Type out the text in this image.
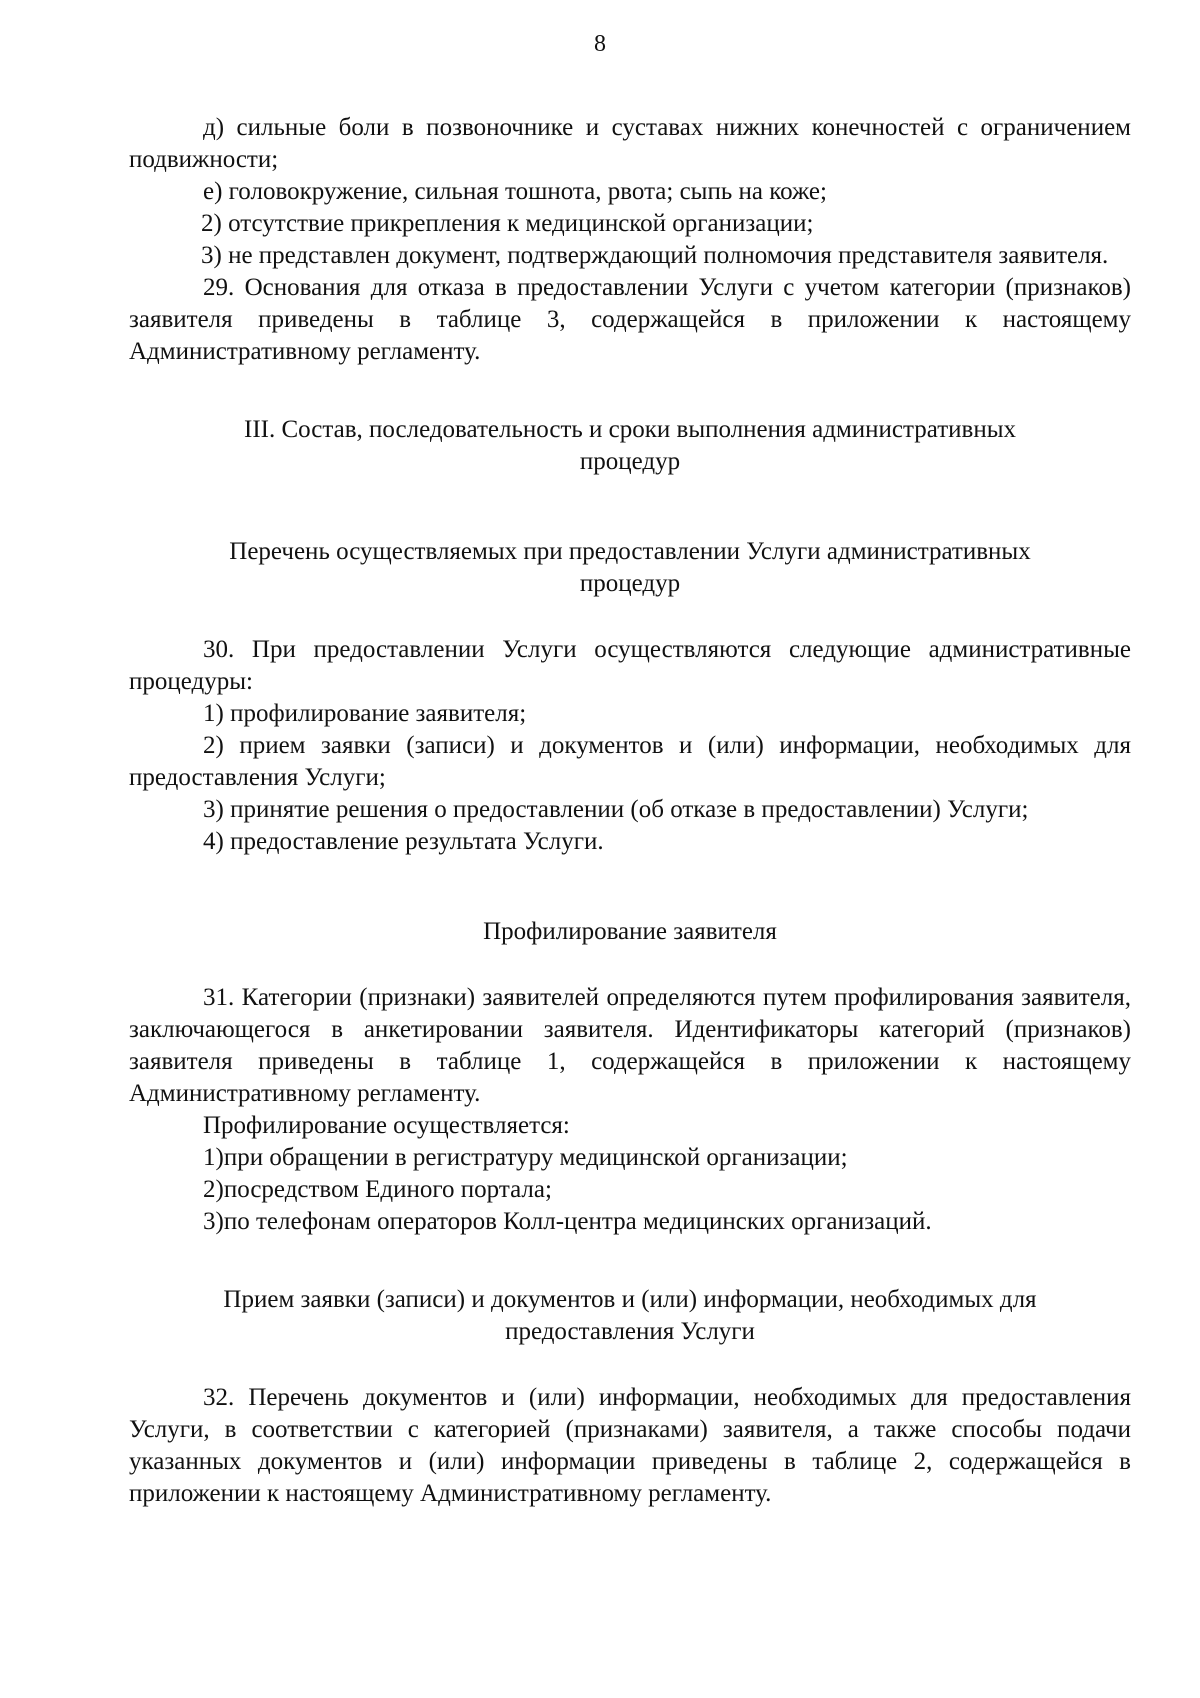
8

д) сильные боли в позвоночнике и суставах нижних конечностей с ограничением подвижности;

е) головокружение, сильная тошнота, рвота; сыпь на коже;

2) отсутствие прикрепления к медицинской организации;

3) не представлен документ, подтверждающий полномочия представителя заявителя.

29. Основания для отказа в предоставлении Услуги с учетом категории (признаков) заявителя приведены в таблице 3, содержащейся в приложении к настоящему Административному регламенту.

III. Состав, последовательность и сроки выполнения административных

процедур

Перечень осуществляемых при предоставлении Услуги административных

процедур

30. При предоставлении Услуги осуществляются следующие административные процедуры:

1) профилирование заявителя;

2) прием заявки (записи) и документов и (или) информации, необходимых для предоставления Услуги;

3) принятие решения о предоставлении (об отказе в предоставлении) Услуги;

4) предоставление результата Услуги.

Профилирование заявителя

31. Категории (признаки) заявителей определяются путем профилирования заявителя, заключающегося в анкетировании заявителя. Идентификаторы категорий (признаков) заявителя приведены в таблице 1, содержащейся в приложении к настоящему Административному регламенту.

Профилирование осуществляется:

1)при обращении в регистратуру медицинской организации;

2)посредством Единого портала;

3)по телефонам операторов Колл-центра медицинских организаций.

Прием заявки (записи) и документов и (или) информации, необходимых для

предоставления Услуги

32. Перечень документов и (или) информации, необходимых для предоставления Услуги, в соответствии с категорией (признаками) заявителя, а также способы подачи указанных документов и (или) информации приведены в таблице 2, содержащейся в приложении к настоящему Административному регламенту.
